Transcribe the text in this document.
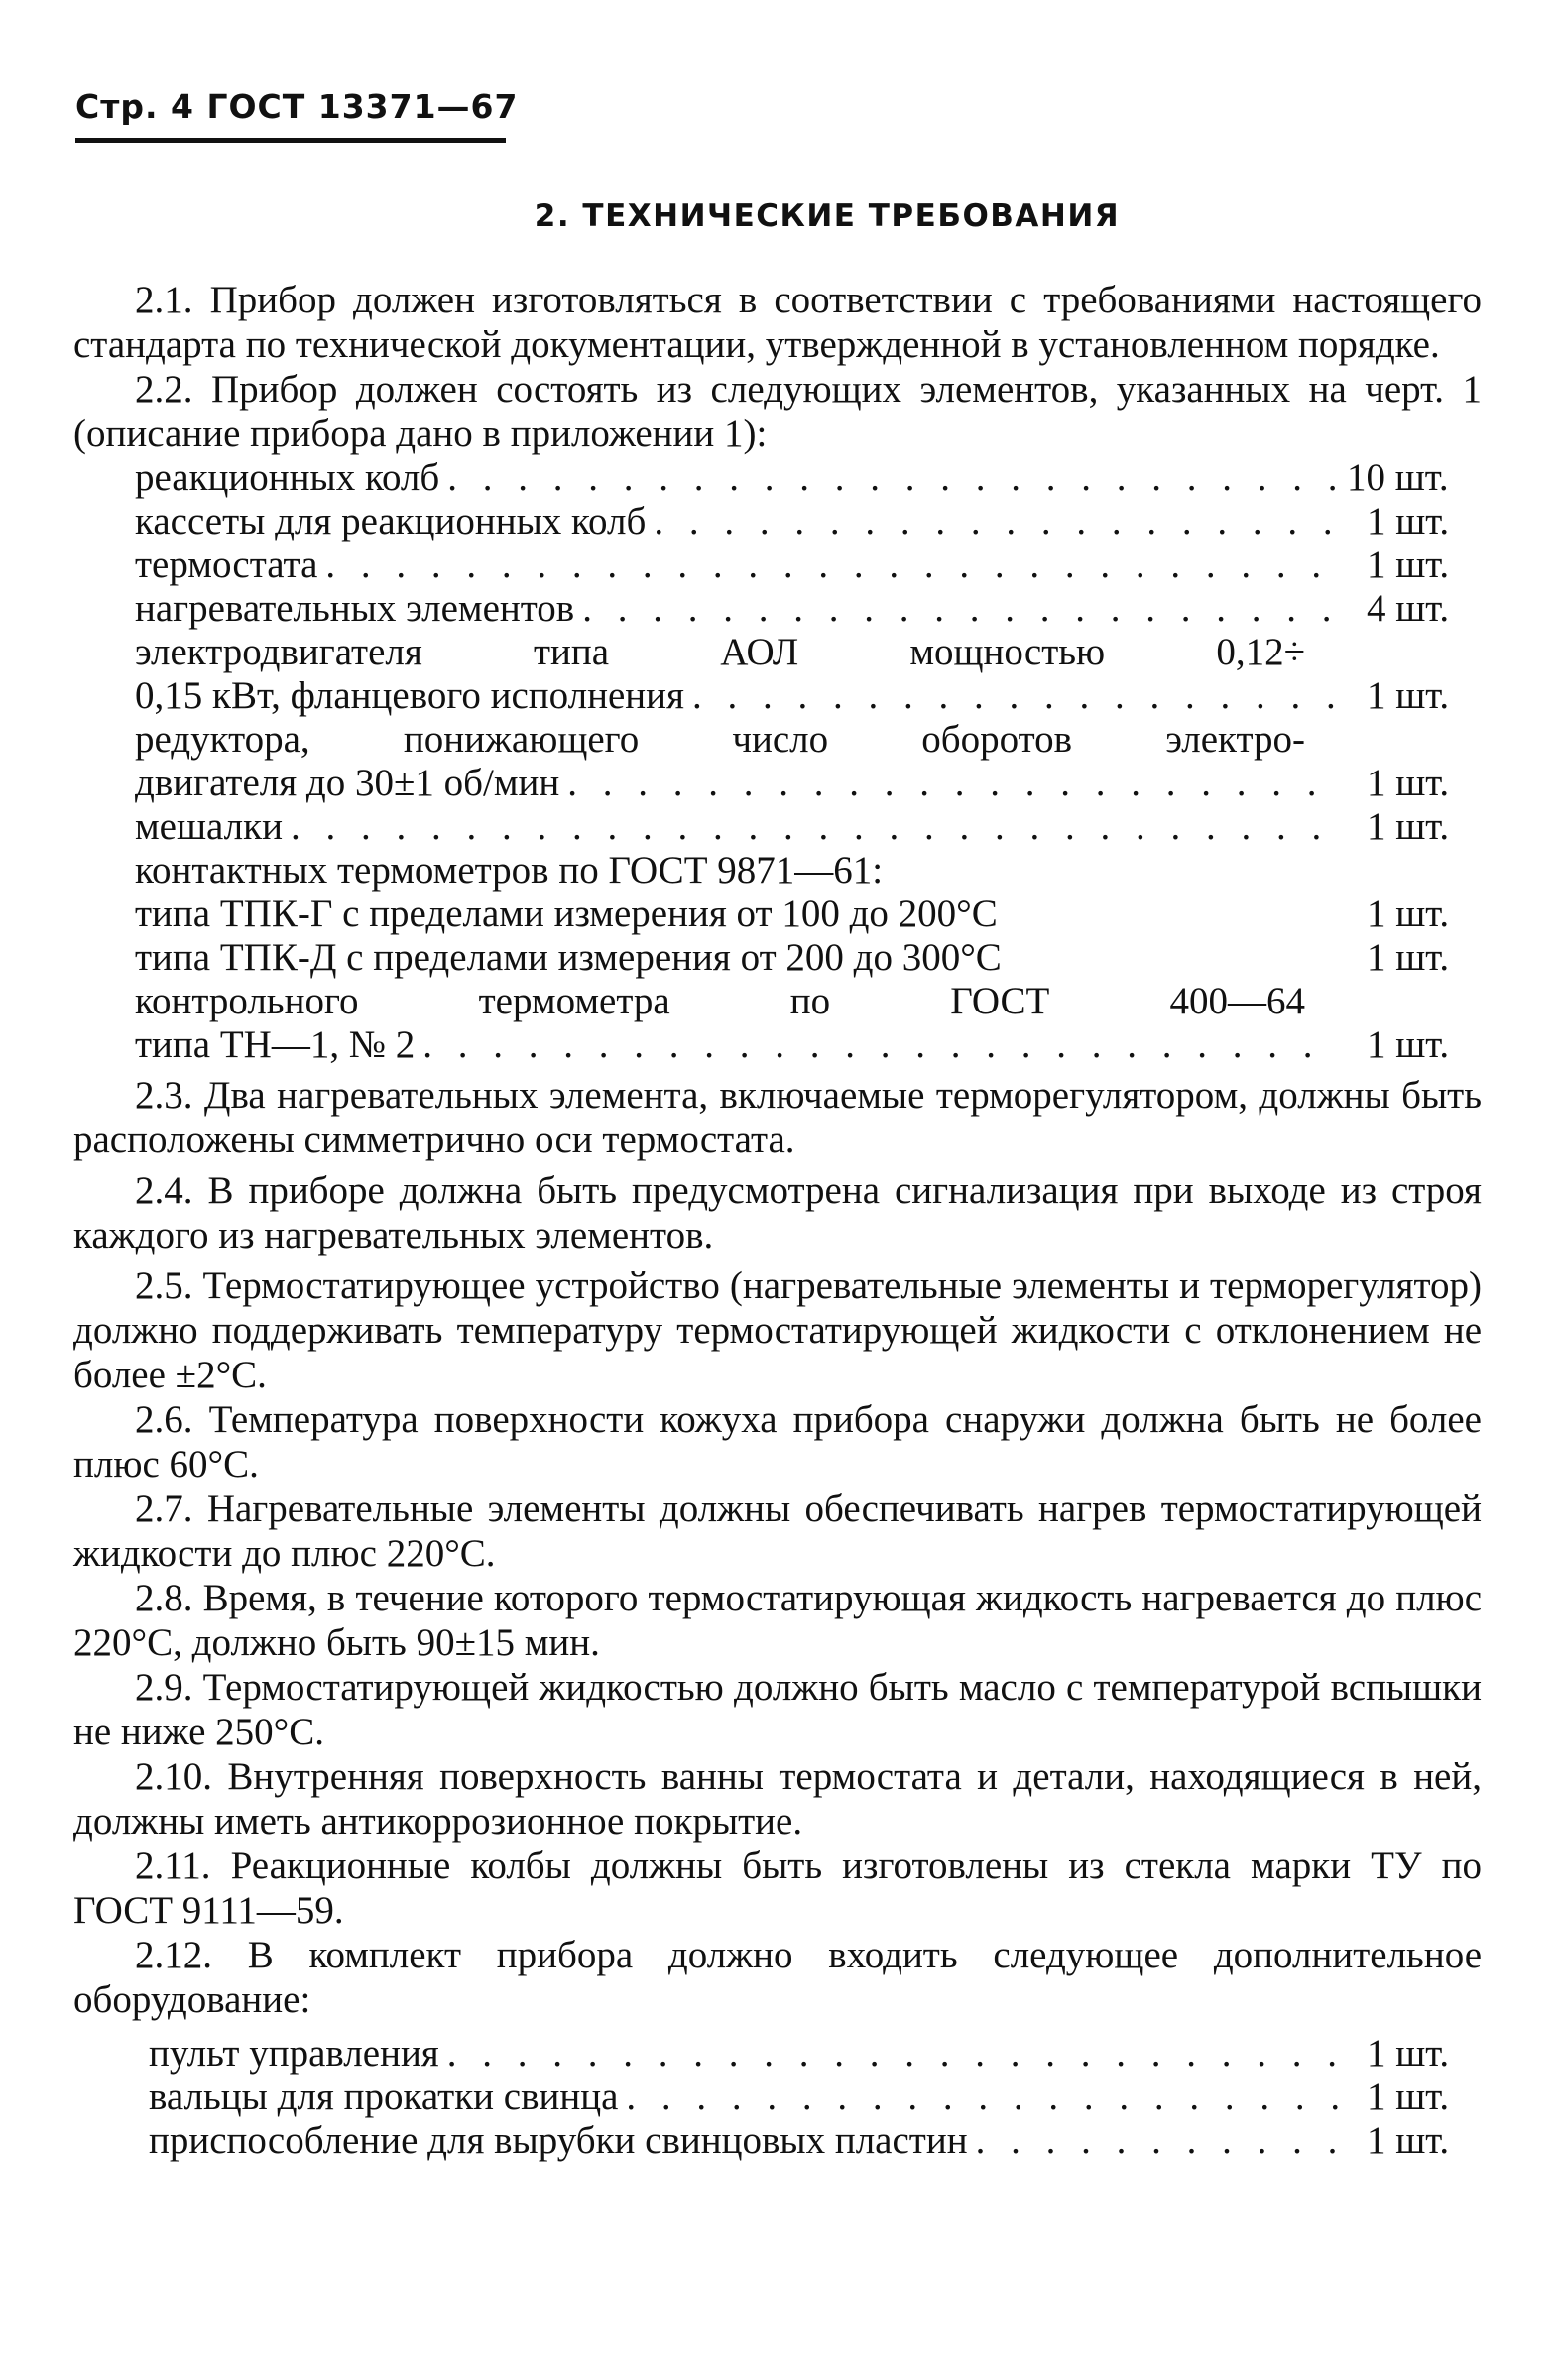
Стр. 4 ГОСТ 13371—67
2. ТЕХНИЧЕСКИЕ ТРЕБОВАНИЯ

2.1. Прибор должен изготовляться в соответствии с требованиями настоящего стандарта по технической документации, утвержденной в установленном порядке.

2.2. Прибор должен состоять из следующих элементов, указанных на черт. 1 (описание прибора дано в приложении 1):

реакционных колб . . .	10 шт.
кассеты для реакционных колб . . .	1 шт.
термостата . . .	1 шт.
нагревательных элементов . . .	4 шт.
электродвигателя типа АОЛ мощностью 0,12÷
0,15 кВт, фланцевого исполнения . . .	1 шт.
редуктора, понижающего число оборотов электро-
двигателя до 30±1 об/мин . . .	1 шт.
мешалки . . .	1 шт.
контактных термометров по ГОСТ 9871—61:
типа ТПК-Г с пределами измерения от 100 до 200°С	1 шт.
типа ТПК-Д с пределами измерения от 200 до 300°С	1 шт.
контрольного термометра по ГОСТ 400—64
типа ТН—1, № 2 . . .	1 шт.

2.3. Два нагревательных элемента, включаемые терморегулятором, должны быть расположены симметрично оси термостата.

2.4. В приборе должна быть предусмотрена сигнализация при выходе из строя каждого из нагревательных элементов.

2.5. Термостатирующее устройство (нагревательные элементы и терморегулятор) должно поддерживать температуру термостатирующей жидкости с отклонением не более ±2°С.

2.6. Температура поверхности кожуха прибора снаружи должна быть не более плюс 60°С.

2.7. Нагревательные элементы должны обеспечивать нагрев термостатирующей жидкости до плюс 220°С.

2.8. Время, в течение которого термостатирующая жидкость нагревается до плюс 220°С, должно быть 90±15 мин.

2.9. Термостатирующей жидкостью должно быть масло с температурой вспышки не ниже 250°С.

2.10. Внутренняя поверхность ванны термостата и детали, находящиеся в ней, должны иметь антикоррозионное покрытие.

2.11. Реакционные колбы должны быть изготовлены из стекла марки ТУ по ГОСТ 9111—59.

2.12. В комплект прибора должно входить следующее дополнительное оборудование:

пульт управления . . .	1 шт.
вальцы для прокатки свинца . . .	1 шт.
приспособление для вырубки свинцовых пластин . . .	1 шт.
